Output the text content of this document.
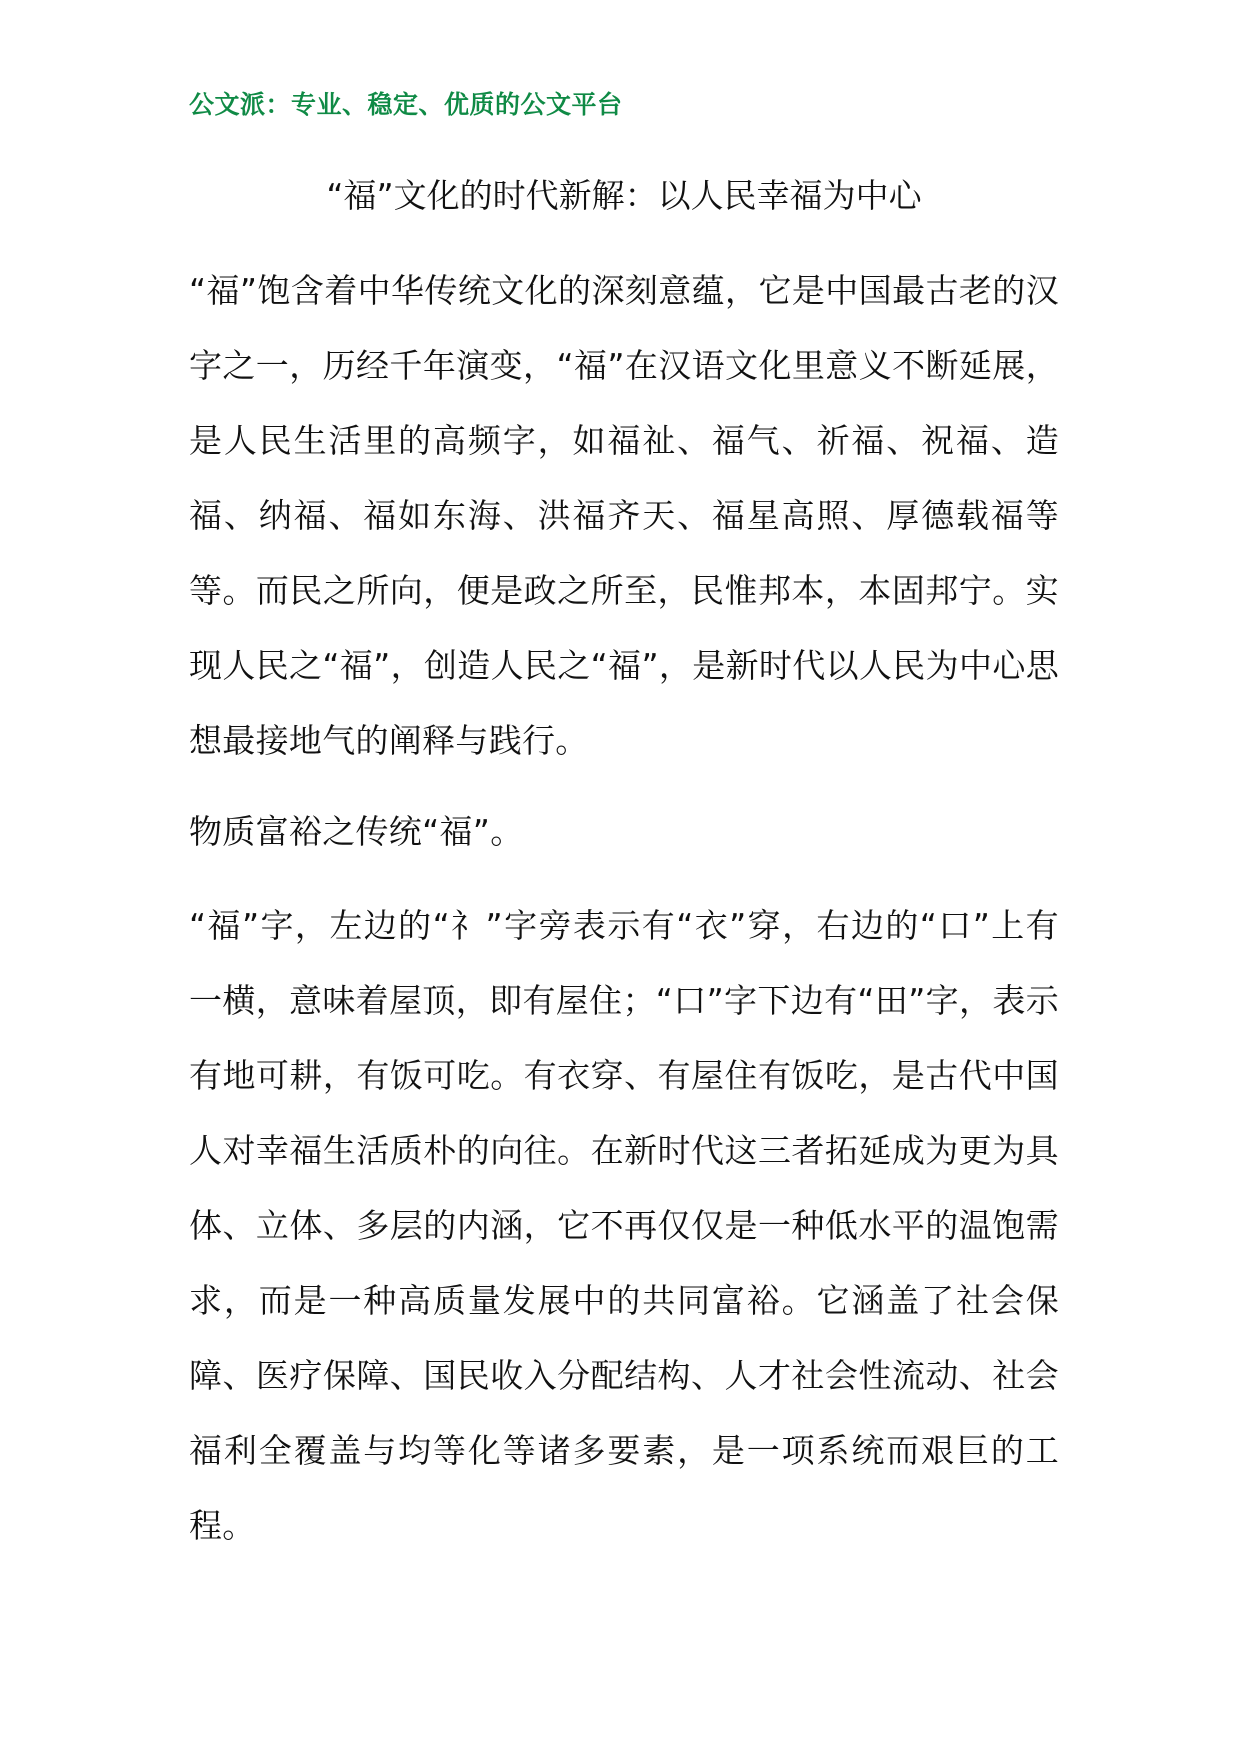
公文派：专业、稳定、优质的公文平台

“福”文化的时代新解：以人民幸福为中心

“福”饱含着中华传统文化的深刻意蕴，它是中国最古老的汉字之一，历经千年演变，“福”在汉语文化里意义不断延展，是人民生活里的高频字，如福祉、福气、祈福、祝福、造福、纳福、福如东海、洪福齐天、福星高照、厚德载福等等。而民之所向，便是政之所至，民惟邦本，本固邦宁。实现人民之“福”，创造人民之“福”，是新时代以人民为中心思想最接地气的阐释与践行。

物质富裕之传统“福”。

“福”字，左边的“礻”字旁表示有“衣”穿，右边的“口”上有一横，意味着屋顶，即有屋住；“口”字下边有“田”字，表示有地可耕，有饭可吃。有衣穿、有屋住有饭吃，是古代中国人对幸福生活质朴的向往。在新时代这三者拓延成为更为具体、立体、多层的内涵，它不再仅仅是一种低水平的温饱需求，而是一种高质量发展中的共同富裕。它涵盖了社会保障、医疗保障、国民收入分配结构、人才社会性流动、社会福利全覆盖与均等化等诸多要素，是一项系统而艰巨的工程。
